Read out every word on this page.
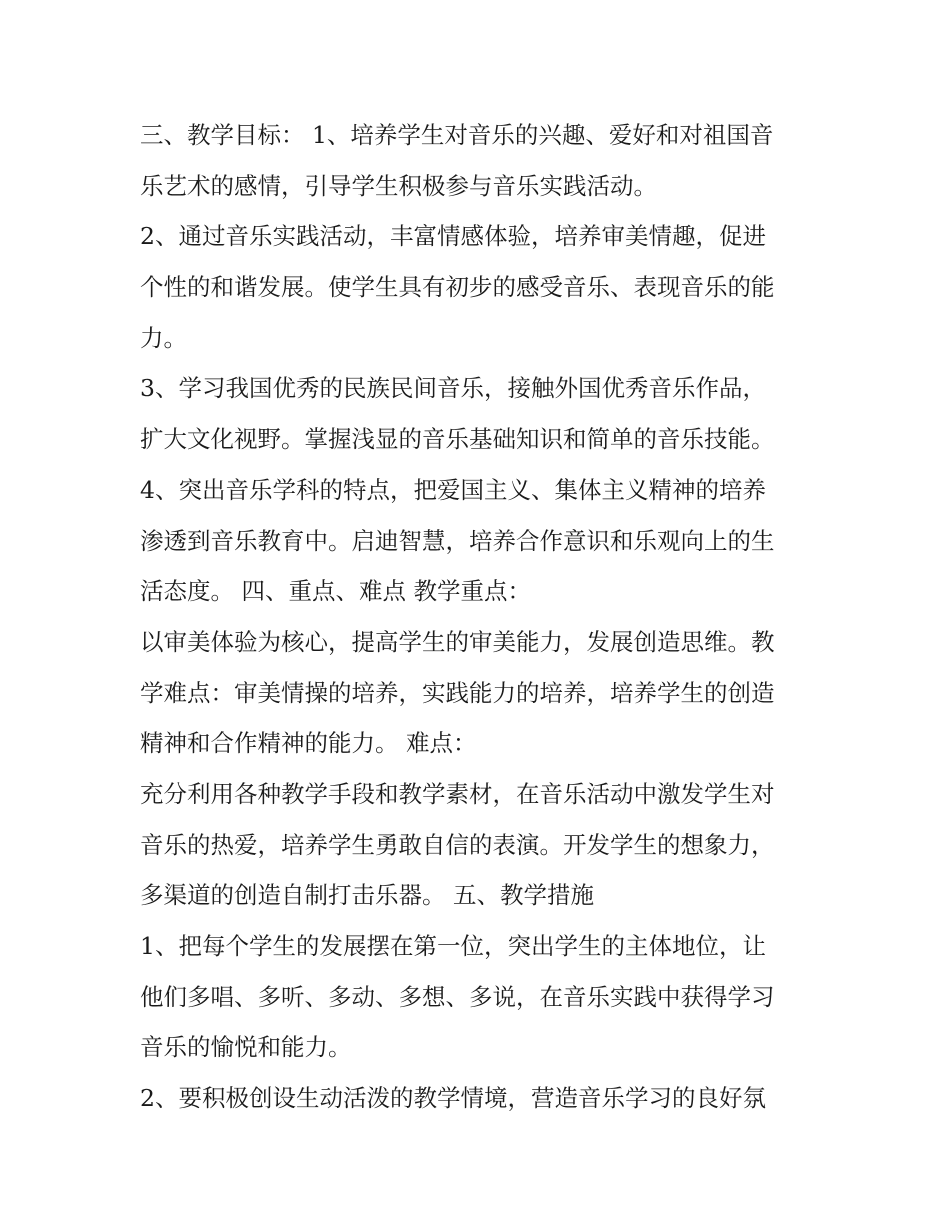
三、教学目标： 1、培养学生对音乐的兴趣、爱好和对祖国音
乐艺术的感情，引导学生积极参与音乐实践活动。
2、通过音乐实践活动，丰富情感体验，培养审美情趣，促进
个性的和谐发展。使学生具有初步的感受音乐、表现音乐的能
力。
3、学习我国优秀的民族民间音乐，接触外国优秀音乐作品，
扩大文化视野。掌握浅显的音乐基础知识和简单的音乐技能。
4、突出音乐学科的特点，把爱国主义、集体主义精神的培养
渗透到音乐教育中。启迪智慧，培养合作意识和乐观向上的生
活态度。 四、重点、难点 教学重点：
以审美体验为核心，提高学生的审美能力，发展创造思维。教
学难点：审美情操的培养，实践能力的培养，培养学生的创造
精神和合作精神的能力。 难点：
充分利用各种教学手段和教学素材，在音乐活动中激发学生对
音乐的热爱，培养学生勇敢自信的表演。开发学生的想象力，
多渠道的创造自制打击乐器。 五、教学措施
1、把每个学生的发展摆在第一位，突出学生的主体地位，让
他们多唱、多听、多动、多想、多说，在音乐实践中获得学习
音乐的愉悦和能力。
2、要积极创设生动活泼的教学情境，营造音乐学习的良好氛
